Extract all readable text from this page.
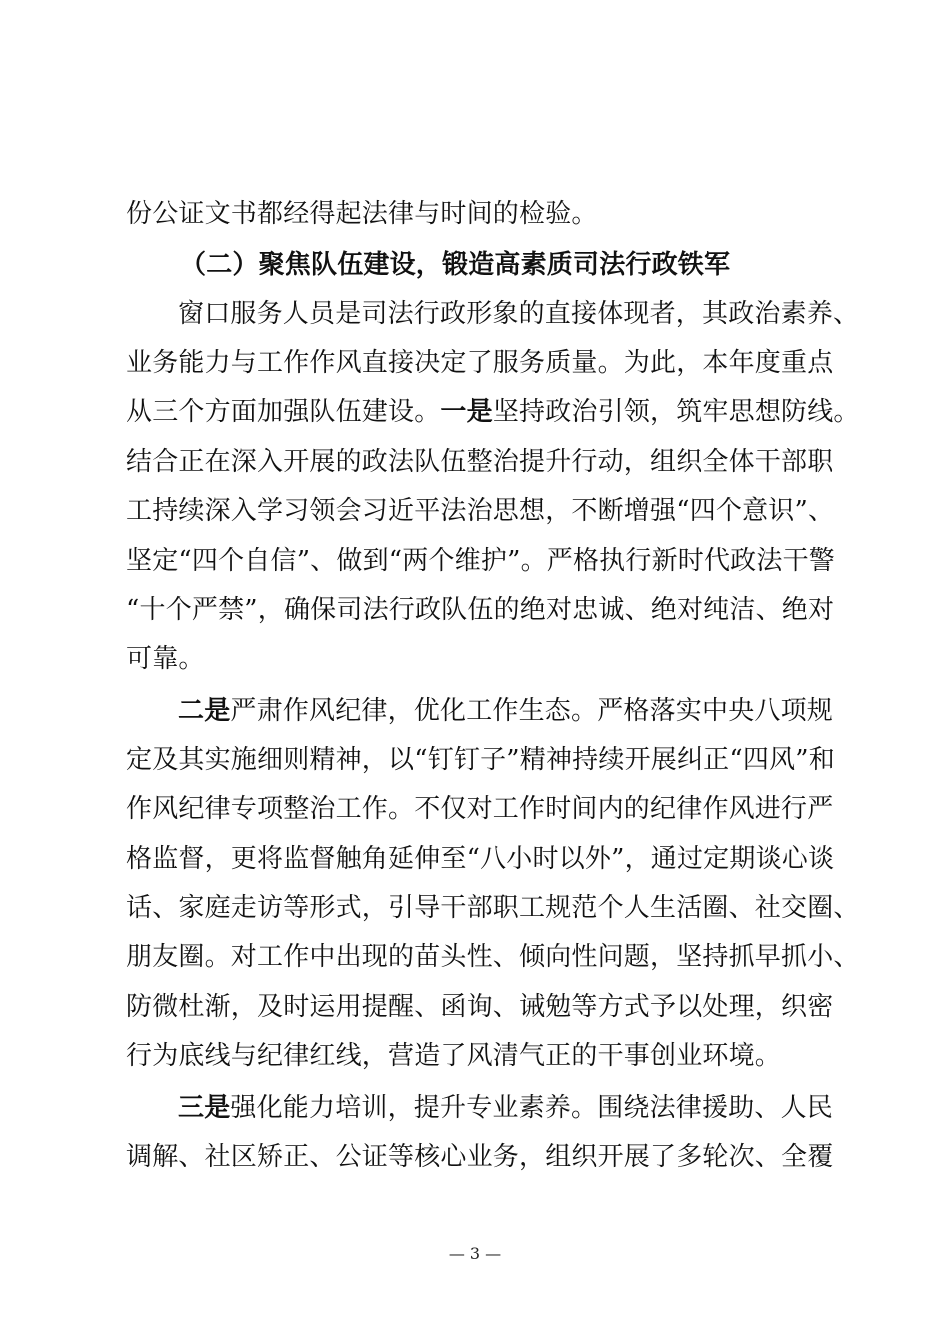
份公证文书都经得起法律与时间的检验。
（二）聚焦队伍建设，锻造高素质司法行政铁军
窗口服务人员是司法行政形象的直接体现者，其政治素养、
业务能力与工作作风直接决定了服务质量。为此，本年度重点
从三个方面加强队伍建设。一是坚持政治引领，筑牢思想防线。
结合正在深入开展的政法队伍整治提升行动，组织全体干部职
工持续深入学习领会习近平法治思想，不断增强“四个意识”、
坚定“四个自信”、做到“两个维护”。严格执行新时代政法干警
“十个严禁”，确保司法行政队伍的绝对忠诚、绝对纯洁、绝对
可靠。
二是严肃作风纪律，优化工作生态。严格落实中央八项规
定及其实施细则精神，以“钉钉子”精神持续开展纠正“四风”和
作风纪律专项整治工作。不仅对工作时间内的纪律作风进行严
格监督，更将监督触角延伸至“八小时以外”，通过定期谈心谈
话、家庭走访等形式，引导干部职工规范个人生活圈、社交圈、
朋友圈。对工作中出现的苗头性、倾向性问题，坚持抓早抓小、
防微杜渐，及时运用提醒、函询、诫勉等方式予以处理，织密
行为底线与纪律红线，营造了风清气正的干事创业环境。
三是强化能力培训，提升专业素养。围绕法律援助、人民
调解、社区矫正、公证等核心业务，组织开展了多轮次、全覆
— 3 —
